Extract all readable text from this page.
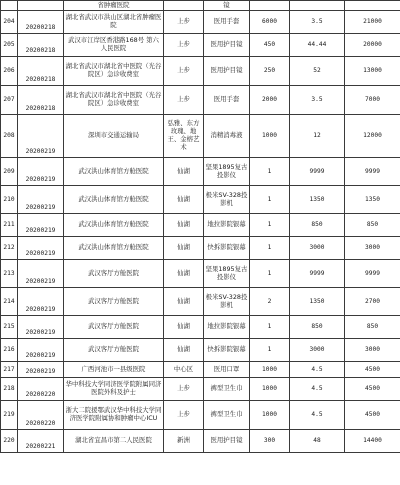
		省肿瘤医院		镜			
204	20200218	湖北省武汉市洪山区湖北省肿瘤医院	上步	医用手套	6000	3.5	21000
205	20200218	武汉市江岸区香港路168号 第六人民医院	上步	医用护目镜	450	44.44	20000
206	20200218	湖北省武汉市湖北省中医院（光谷院区）急诊收费室	上步	医用护目镜	250	52	13000
207	20200218	湖北省武汉市湖北省中医院（光谷院区）急诊收费室	上步	医用手套	2000	3.5	7000
208	20200219	深圳市交通运输局	弘雅、东方玫瑰、地王、金榕艺术	消精消毒液	1000	12	12000
209	20200219	武汉洪山体育馆方舱医院	仙湖	坚果1895复古投影仪	1	9999	9999
210	20200219	武汉洪山体育馆方舱医院	仙湖	极米SV-328投影机	1	1350	1350
211	20200219	武汉洪山体育馆方舱医院	仙湖	地拉影院银幕	1	850	850
212	20200219	武汉洪山体育馆方舱医院	仙湖	快拆影院银幕	1	3000	3000
213	20200219	武汉客厅方舱医院	仙湖	坚果1895复古投影仪	1	9999	9999
214	20200219	武汉客厅方舱医院	仙湖	极米SV-328投影机	2	1350	2700
215	20200219	武汉客厅方舱医院	仙湖	地拉影院银幕	1	850	850
216	20200219	武汉客厅方舱医院	仙湖	快拆影院银幕	1	3000	3000
217	20200219	广西河池市一县级医院	中心区	医用口罩	1000	4.5	4500
218	20200220	华中科技大学同济医学院附属同济医院外科及护士	上步	裤型卫生巾	1000	4.5	4500
219	20200220	浙大二院援鄂武汉华中科技大学同济医学院附属协和肿瘤中心ICU	上步	裤型卫生巾	1000	4.5	4500
220	20200221	湖北省宜昌市第二人民医院	新洲	医用护目镜	300	48	14400
